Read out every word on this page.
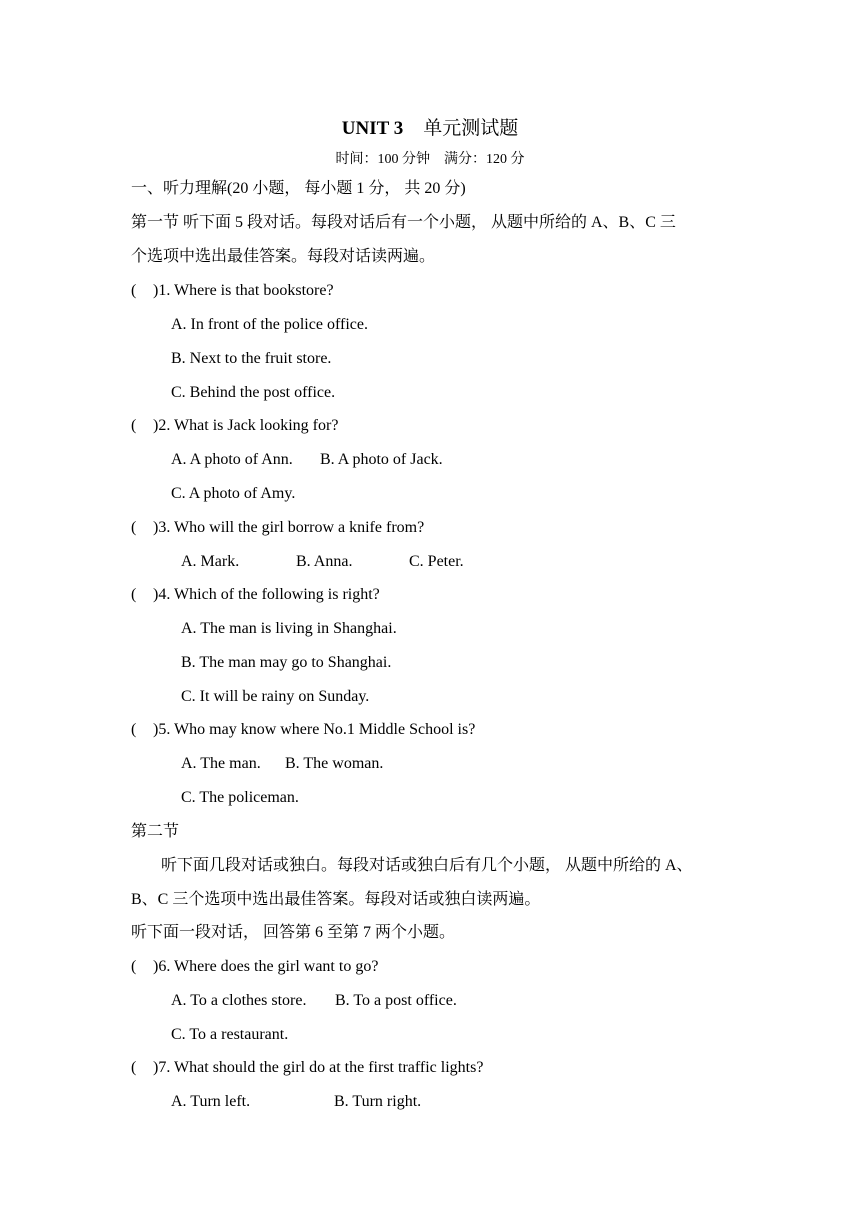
UNIT 3 单元测试题
时间：100 分钟 满分：120 分
一、听力理解(20 小题， 每小题 1 分， 共 20 分)
第一节 听下面 5 段对话。每段对话后有一个小题， 从题中所给的 A、B、C 三
个选项中选出最佳答案。每段对话读两遍。
( )1. Where is that bookstore?
A. In front of the police office.
B. Next to the fruit store.
C. Behind the post office.
( )2. What is Jack looking for?
A. A photo of Ann. B. A photo of Jack.
C. A photo of Amy.
( )3. Who will the girl borrow a knife from?
A. Mark.	B. Anna.	C. Peter.
( )4. Which of the following is right?
A. The man is living in Shanghai.
B. The man may go to Shanghai.
C. It will be rainy on Sunday.
( )5. Who may know where No.1 Middle School is?
A. The man. B. The woman.
C. The policeman.
第二节
听下面几段对话或独白。每段对话或独白后有几个小题， 从题中所给的 A、
B、C 三个选项中选出最佳答案。每段对话或独白读两遍。
听下面一段对话， 回答第 6 至第 7 两个小题。
( )6. Where does the girl want to go?
A. To a clothes store. B. To a post office.
C. To a restaurant.
( )7. What should the girl do at the first traffic lights?
A. Turn left.	B. Turn right.
